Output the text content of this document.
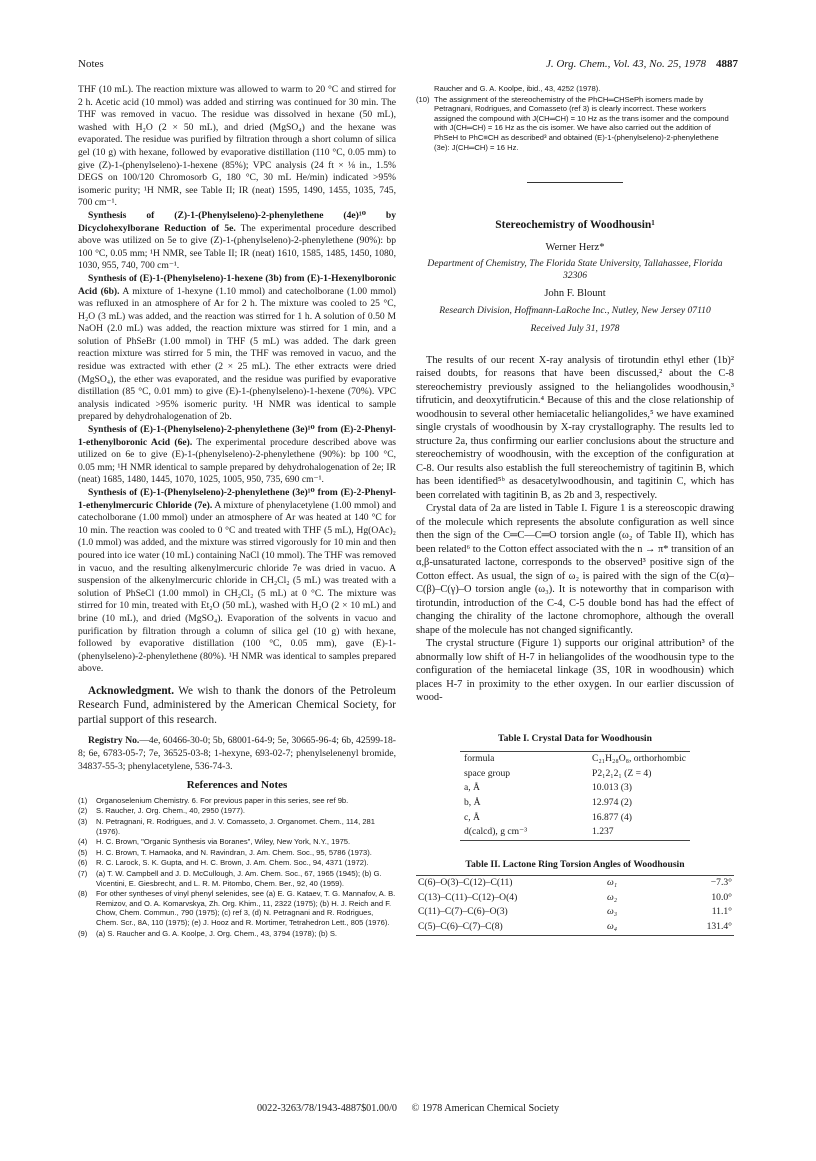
Notes	J. Org. Chem., Vol. 43, No. 25, 1978 4887

THF (10 mL). The reaction mixture was allowed to warm to 20 °C and stirred for 2 h. Acetic acid (10 mmol) was added and stirring was continued for 30 min. The THF was removed in vacuo. The residue was dissolved in hexane (50 mL), washed with H₂O (2 × 50 mL), and dried (MgSO₄) and the hexane was evaporated. The residue was purified by filtration through a short column of silica gel (10 g) with hexane, followed by evaporative distillation (110 °C, 0.05 mm) to give (Z)-1-(phenylseleno)-1-hexene (85%); VPC analysis (24 ft × ⅛ in., 1.5% DEGS on 100/120 Chromosorb G, 180 °C, 30 mL He/min) indicated >95% isomeric purity; ¹H NMR, see Table II; IR (neat) 1595, 1490, 1455, 1035, 745, 700 cm⁻¹.

Synthesis of (Z)-1-(Phenylseleno)-2-phenylethene (4e)¹⁰ by Dicyclohexylborane Reduction of 5e. The experimental procedure described above was utilized on 5e to give (Z)-1-(phenylseleno)-2-phenylethene (90%): bp 100 °C, 0.05 mm; ¹H NMR, see Table II; IR (neat) 1610, 1585, 1485, 1450, 1080, 1030, 955, 740, 700 cm⁻¹.

Synthesis of (E)-1-(Phenylseleno)-1-hexene (3b) from (E)-1-Hexenylboronic Acid (6b). A mixture of 1-hexyne (1.10 mmol) and catecholborane (1.00 mmol) was refluxed in an atmosphere of Ar for 2 h. The mixture was cooled to 25 °C, H₂O (3 mL) was added, and the reaction was stirred for 1 h. A solution of 0.50 M NaOH (2.0 mL) was added, the reaction mixture was stirred for 1 min, and a solution of PhSeBr (1.00 mmol) in THF (5 mL) was added. The dark green reaction mixture was stirred for 5 min, the THF was removed in vacuo, and the residue was extracted with ether (2 × 25 mL). The ether extracts were dried (MgSO₄), the ether was evaporated, and the residue was purified by evaporative distillation (85 °C, 0.01 mm) to give (E)-1-(phenylseleno)-1-hexene (70%). VPC analysis indicated >95% isomeric purity. ¹H NMR was identical to sample prepared by dehydrohalogenation of 2b.

Synthesis of (E)-1-(Phenylseleno)-2-phenylethene (3e)¹⁰ from (E)-2-Phenyl-1-ethenylboronic Acid (6e). The experimental procedure described above was utilized on 6e to give (E)-1-(phenylseleno)-2-phenylethene (90%): bp 100 °C, 0.05 mm; ¹H NMR identical to sample prepared by dehydrohalogenation of 2e; IR (neat) 1685, 1480, 1445, 1070, 1025, 1005, 950, 735, 690 cm⁻¹.

Synthesis of (E)-1-(Phenylseleno)-2-phenylethene (3e)¹⁰ from (E)-2-Phenyl-1-ethenylmercuric Chloride (7e). A mixture of phenylacetylene (1.00 mmol) and catecholborane (1.00 mmol) under an atmosphere of Ar was heated at 140 °C for 10 min. The reaction was cooled to 0 °C and treated with THF (5 mL), Hg(OAc)₂ (1.0 mmol) was added, and the mixture was stirred vigorously for 10 min and then poured into ice water (10 mL) containing NaCl (10 mmol). The THF was removed in vacuo, and the resulting alkenylmercuric chloride 7e was dried in vacuo. A suspension of the alkenylmercuric chloride in CH₂Cl₂ (5 mL) was treated with a solution of PhSeCl (1.00 mmol) in CH₂Cl₂ (5 mL) at 0 °C. The mixture was stirred for 10 min, treated with Et₂O (50 mL), washed with H₂O (2 × 10 mL) and brine (10 mL), and dried (MgSO₄). Evaporation of the solvents in vacuo and purification by filtration through a column of silica gel (10 g) with hexane, followed by evaporative distillation (100 °C, 0.05 mm), gave (E)-1-(phenylseleno)-2-phenylethene (80%). ¹H NMR was identical to samples prepared above.

Acknowledgment. We wish to thank the donors of the Petroleum Research Fund, administered by the American Chemical Society, for partial support of this research.

Registry No.—4e, 60466-30-0; 5b, 68001-64-9; 5e, 30665-96-4; 6b, 42599-18-8; 6e, 6783-05-7; 7e, 36525-03-8; 1-hexyne, 693-02-7; phenylselenenyl bromide, 34837-55-3; phenylacetylene, 536-74-3.

References and Notes
(1) Organoselenium Chemistry. 6. For previous paper in this series, see ref 9b.
(2) S. Raucher, J. Org. Chem., 40, 2950 (1977).
(3) N. Petragnani, R. Rodrigues, and J. V. Comasseto, J. Organomet. Chem., 114, 281 (1976).
(4) H. C. Brown, "Organic Synthesis via Boranes", Wiley, New York, N.Y., 1975.
(5) H. C. Brown, T. Hamaoka, and N. Ravindran, J. Am. Chem. Soc., 95, 5786 (1973).
(6) R. C. Larock, S. K. Gupta, and H. C. Brown, J. Am. Chem. Soc., 94, 4371 (1972).
(7) (a) T. W. Campbell and J. D. McCullough, J. Am. Chem. Soc., 67, 1965 (1945); (b) G. Vicentini, E. Giesbrecht, and L. R. M. Pitombo, Chem. Ber., 92, 40 (1959).
(8) For other syntheses of vinyl phenyl selenides, see (a) E. G. Kataev, T. G. Mannafov, A. B. Remizov, and O. A. Komarvskya, Zh. Org. Khim., 11, 2322 (1975); (b) H. J. Reich and F. Chow, Chem. Commun., 790 (1975); (c) ref 3, (d) N. Petragnani and R. Rodrigues, Chem. Scr., 8A, 110 (1975); (e) J. Hooz and R. Mortimer, Tetrahedron Lett., 805 (1976).
(9) (a) S. Raucher and G. A. Koolpe, J. Org. Chem., 43, 3794 (1978); (b) S.
Raucher and G. A. Koolpe, ibid., 43, 4252 (1978).
(10) The assignment of the stereochemistry of the PhCH═CHSePh isomers made by Petragnani, Rodrigues, and Comasseto (ref 3) is clearly incorrect. These workers assigned the compound with J(CH═CH) = 10 Hz as the trans isomer and the compound with J(CH═CH) = 16 Hz as the cis isomer. We have also carried out the addition of PhSeH to PhC≡CH as described³ and obtained (E)-1-(phenylseleno)-2-phenylethene (3e): J(CH═CH) = 16 Hz.
Stereochemistry of Woodhousin¹
Werner Herz*
Department of Chemistry, The Florida State University, Tallahassee, Florida 32306
John F. Blount
Research Division, Hoffmann-LaRoche Inc., Nutley, New Jersey 07110
Received July 31, 1978

The results of our recent X-ray analysis of tirotundin ethyl ether (1b)² raised doubts, for reasons that have been discussed,² about the C-8 stereochemistry previously assigned to the heliangolides woodhousin,³ tifruticin, and deoxytifruticin.⁴ Because of this and the close relationship of woodhousin to several other hemiacetalic heliangolides,⁵ we have examined single crystals of woodhousin by X-ray crystallography. The results led to structure 2a, thus confirming our earlier conclusions about the structure and stereochemistry of woodhousin, with the exception of the configuration at C-8. Our results also establish the full stereochemistry of tagitinin B, which has been identified⁵ᵇ as desacetylwoodhousin, and tagitinin C, which has been correlated with tagitinin B, as 2b and 3, respectively.

Crystal data of 2a are listed in Table I. Figure 1 is a stereoscopic drawing of the molecule which represents the absolute configuration as well since then the sign of the C═C—C═O torsion angle (ω₂ of Table II), which has been related⁶ to the Cotton effect associated with the n → π* transition of an α,β-unsaturated lactone, corresponds to the observed³ positive sign of the Cotton effect. As usual, the sign of ω₂ is paired with the sign of the C(α)–C(β)–C(γ)–O torsion angle (ω₃). It is noteworthy that in comparison with tirotundin, introduction of the C-4, C-5 double bond has had the effect of changing the chirality of the lactone chromophore, although the overall shape of the molecule has not changed significantly.

The crystal structure (Figure 1) supports our original attribution³ of the abnormally low shift of H-7 in heliangolides of the woodhousin type to the configuration of the hemiacetal linkage (3S, 10R in woodhousin) which places H-7 in proximity to the ether oxygen. In our earlier discussion of wood-

Table I. Crystal Data for Woodhousin
formula	C₂₁H₂₈O₈, orthorhombic
space group	P2₁2₁2₁ (Z = 4)
a, Å	10.013 (3)
b, Å	12.974 (2)
c, Å	16.877 (4)
d(calcd), g cm⁻³	1.237
Table II. Lactone Ring Torsion Angles of Woodhousin
C(6)–O(3)–C(12)–C(11)	ω₁	−7.3°
C(13)–C(11)–C(12)–O(4)	ω₂	10.0°
C(11)–C(7)–C(6)–O(3)	ω₃	11.1°
C(5)–C(6)–C(7)–C(8)	ω₄	131.4°
0022-3263/78/1943-4887$01.00/0 © 1978 American Chemical Society
